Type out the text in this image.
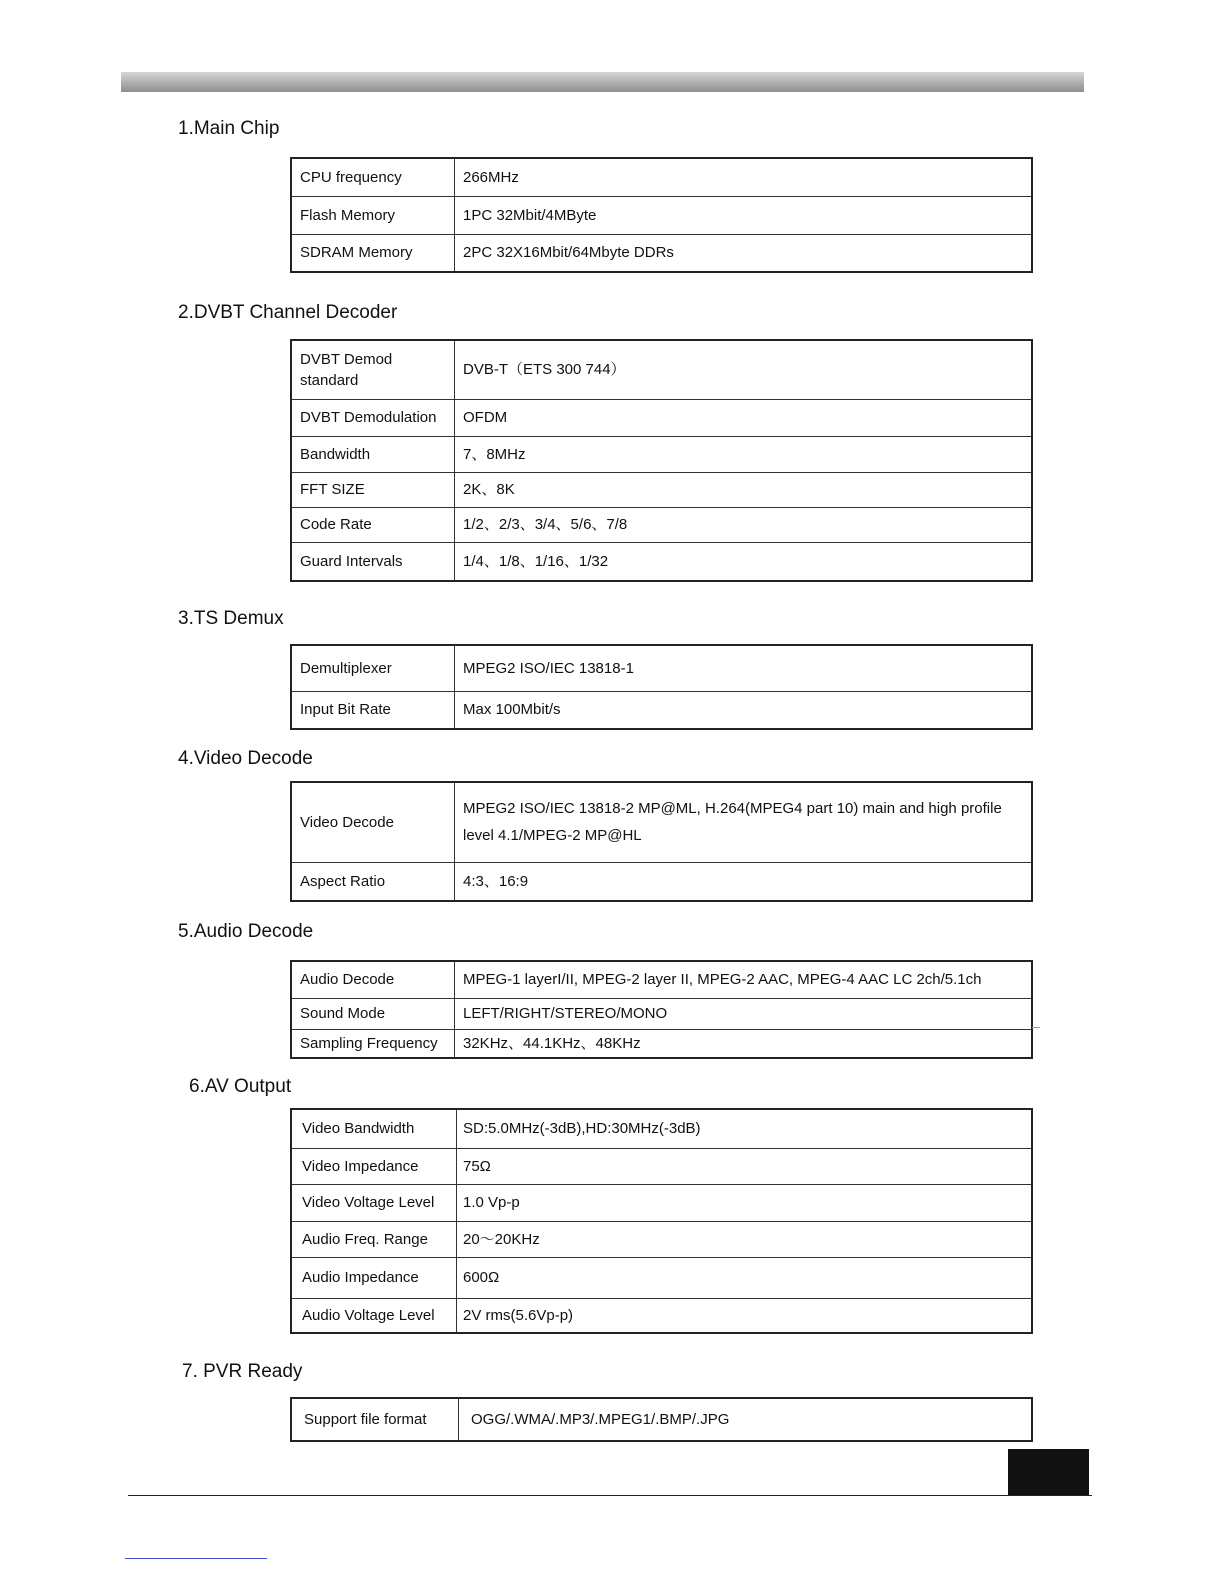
1.Main Chip
CPU frequency	266MHz
Flash Memory	1PC 32Mbit/4MByte
SDRAM Memory	2PC 32X16Mbit/64Mbyte DDRs
2.DVBT Channel Decoder
DVBT Demod standard	DVB-T（ETS 300 744）
DVBT Demodulation	OFDM
Bandwidth	7、8MHz
FFT SIZE	2K、8K
Code Rate	1/2、2/3、3/4、5/6、7/8
Guard Intervals	1/4、1/8、1/16、1/32
3.TS Demux
Demultiplexer	MPEG2 ISO/IEC 13818-1
Input Bit Rate	Max 100Mbit/s
4.Video Decode
Video Decode	MPEG2 ISO/IEC 13818-2 MP@ML, H.264(MPEG4 part 10) main and high profile level 4.1/MPEG-2 MP@HL
Aspect Ratio	4:3、16:9
5.Audio Decode
Audio Decode	MPEG-1 layerI/II, MPEG-2 layer II, MPEG-2 AAC, MPEG-4 AAC LC 2ch/5.1ch
Sound Mode	LEFT/RIGHT/STEREO/MONO
Sampling Frequency	32KHz、44.1KHz、48KHz
6.AV Output
Video Bandwidth	SD:5.0MHz(-3dB),HD:30MHz(-3dB)
Video Impedance	75Ω
Video Voltage Level	1.0 Vp-p
Audio Freq. Range	20～20KHz
Audio Impedance	600Ω
Audio Voltage Level	2V rms(5.6Vp-p)
7. PVR Ready
Support file format	OGG/.WMA/.MP3/.MPEG1/.BMP/.JPG
